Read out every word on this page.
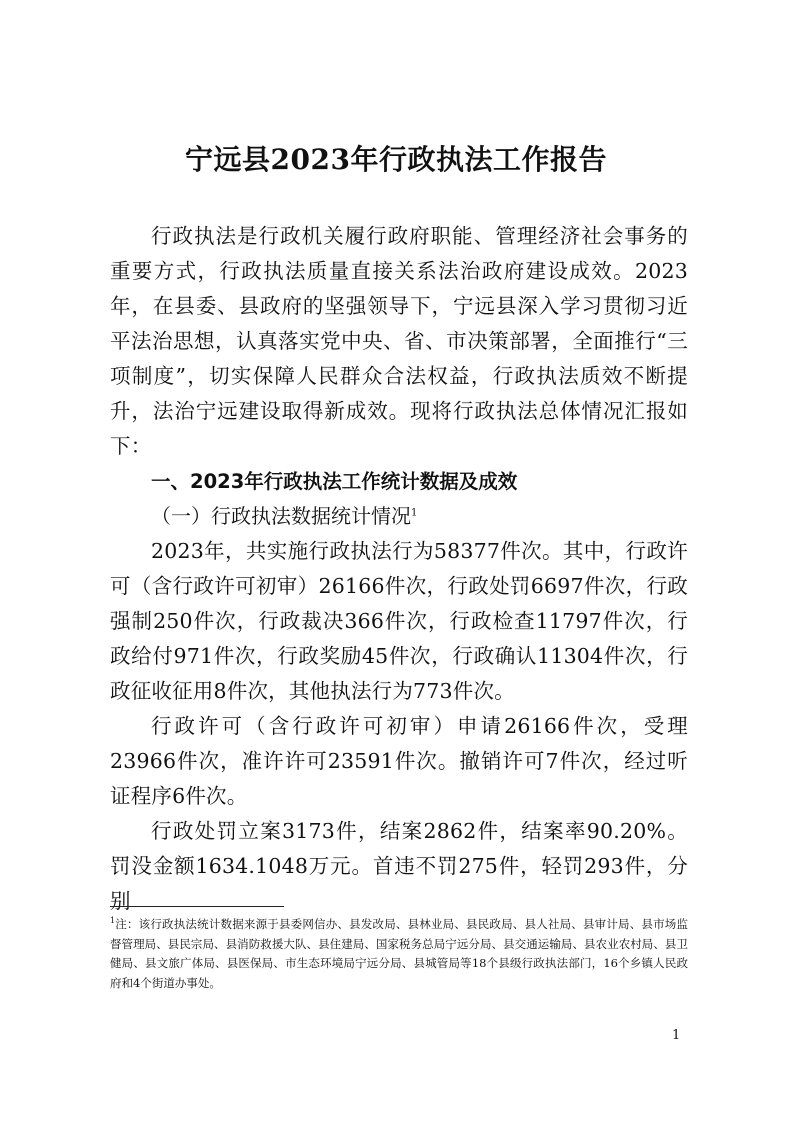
宁远县2023年行政执法工作报告

行政执法是行政机关履行政府职能、管理经济社会事务的重要方式，行政执法质量直接关系法治政府建设成效。2023年，在县委、县政府的坚强领导下，宁远县深入学习贯彻习近平法治思想，认真落实党中央、省、市决策部署，全面推行“三项制度”，切实保障人民群众合法权益，行政执法质效不断提升，法治宁远建设取得新成效。现将行政执法总体情况汇报如下：

一、2023年行政执法工作统计数据及成效

（一）行政执法数据统计情况$^1$

2023年，共实施行政执法行为58377件次。其中，行政许可（含行政许可初审）26166件次，行政处罚6697件次，行政强制250件次，行政裁决366件次，行政检查11797件次，行政给付971件次，行政奖励45件次，行政确认11304件次，行政征收征用8件次，其他执法行为773件次。

行政许可（含行政许可初审）申请26166件次，受理23966件次，准许许可23591件次。撤销许可7件次，经过听证程序6件次。

行政处罚立案3173件，结案2862件，结案率90.20%。罚没金额1634.1048万元。首违不罚275件，轻罚293件，分别

$^1$注：该行政执法统计数据来源于县委网信办、县发改局、县林业局、县民政局、县人社局、县审计局、县市场监督管理局、县民宗局、县消防救援大队、县住建局、国家税务总局宁远分局、县交通运输局、县农业农村局、县卫健局、县文旅广体局、县医保局、市生态环境局宁远分局、县城管局等18个县级行政执法部门，16个乡镇人民政府和4个街道办事处。

1
